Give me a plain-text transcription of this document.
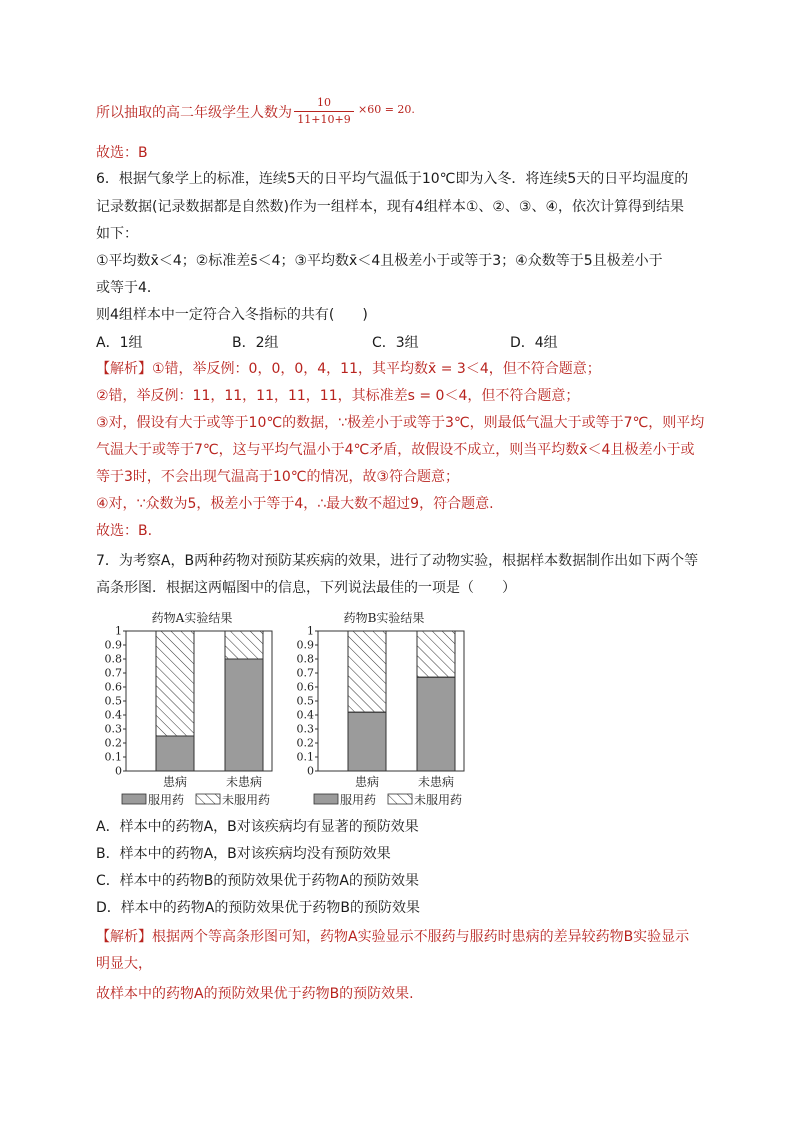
所以抽取的高二年级学生人数为
10
11+10+9
×60 = 20.
故选：B
6．根据气象学上的标准，连续5天的日平均气温低于10℃即为入冬．将连续5天的日平均温度的
记录数据(记录数据都是自然数)作为一组样本，现有4组样本①、②、③、④，依次计算得到结果
如下：
①平均数x̄＜4；②标准差s̄＜4；③平均数x̄＜4且极差小于或等于3；④众数等于5且极差小于
或等于4．
则4组样本中一定符合入冬指标的共有(　　)
A．1组	B．2组	C．3组	D．4组
【解析】①错，举反例：0，0，0，4，11，其平均数x̄ = 3＜4，但不符合题意；
②错，举反例：11，11，11，11，11，其标准差s = 0＜4，但不符合题意；
③对，假设有大于或等于10℃的数据，∵极差小于或等于3℃，则最低气温大于或等于7℃，则平均
气温大于或等于7℃，这与平均气温小于4℃矛盾，故假设不成立，则当平均数x̄＜4且极差小于或
等于3时，不会出现气温高于10℃的情况，故③符合题意；
④对，∵众数为5，极差小于等于4，∴最大数不超过9，符合题意.
故选：B.
7．为考察A，B两种药物对预防某疾病的效果，进行了动物实验，根据样本数据制作出如下两个等
高条形图．根据这两幅图中的信息，下列说法最佳的一项是（　　）
药物A实验结果
0
0.1
0.2
0.3
0.4
0.5
0.6
0.7
0.8
0.9
1
患病	未患病
服用药	未服用药
药物B实验结果
0
0.1
0.2
0.3
0.4
0.5
0.6
0.7
0.8
0.9
1
患病	未患病
服用药	未服用药
A．样本中的药物A，B对该疾病均有显著的预防效果
B．样本中的药物A，B对该疾病均没有预防效果
C．样本中的药物B的预防效果优于药物A的预防效果
D．样本中的药物A的预防效果优于药物B的预防效果
【解析】根据两个等高条形图可知，药物A实验显示不服药与服药时患病的差异较药物B实验显示
明显大，
故样本中的药物A的预防效果优于药物B的预防效果.
